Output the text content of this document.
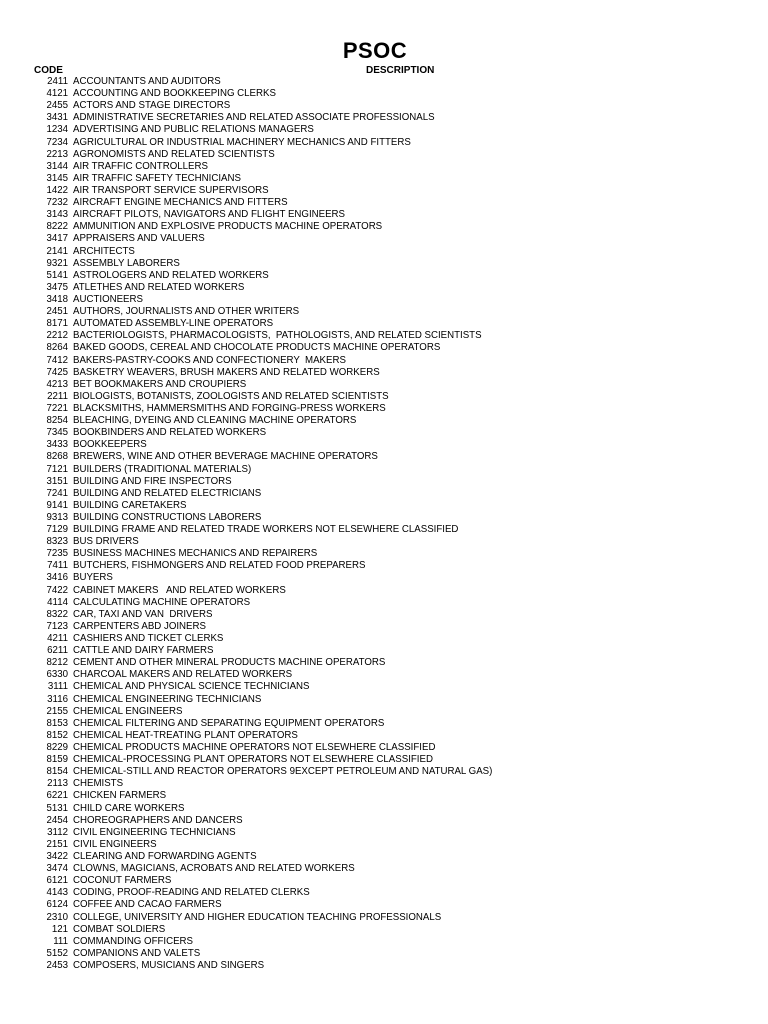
PSOC
CODE	DESCRIPTION
2411 ACCOUNTANTS AND AUDITORS
4121 ACCOUNTING AND BOOKKEEPING CLERKS
2455 ACTORS AND STAGE DIRECTORS
3431 ADMINISTRATIVE SECRETARIES AND RELATED ASSOCIATE PROFESSIONALS
1234 ADVERTISING AND PUBLIC RELATIONS MANAGERS
7234 AGRICULTURAL OR INDUSTRIAL MACHINERY MECHANICS AND FITTERS
2213 AGRONOMISTS AND RELATED SCIENTISTS
3144 AIR TRAFFIC CONTROLLERS
3145 AIR TRAFFIC SAFETY TECHNICIANS
1422 AIR TRANSPORT SERVICE SUPERVISORS
7232 AIRCRAFT ENGINE MECHANICS AND FITTERS
3143 AIRCRAFT PILOTS, NAVIGATORS AND FLIGHT ENGINEERS
8222 AMMUNITION AND EXPLOSIVE PRODUCTS MACHINE OPERATORS
3417 APPRAISERS AND VALUERS
2141 ARCHITECTS
9321 ASSEMBLY LABORERS
5141 ASTROLOGERS AND RELATED WORKERS
3475 ATLETHES AND RELATED WORKERS
3418 AUCTIONEERS
2451 AUTHORS, JOURNALISTS AND OTHER WRITERS
8171 AUTOMATED ASSEMBLY-LINE OPERATORS
2212 BACTERIOLOGISTS, PHARMACOLOGISTS,  PATHOLOGISTS, AND RELATED SCIENTISTS
8264 BAKED GOODS, CEREAL AND CHOCOLATE PRODUCTS MACHINE OPERATORS
7412 BAKERS-PASTRY-COOKS AND CONFECTIONERY  MAKERS
7425 BASKETRY WEAVERS, BRUSH MAKERS AND RELATED WORKERS
4213 BET BOOKMAKERS AND CROUPIERS
2211 BIOLOGISTS, BOTANISTS, ZOOLOGISTS AND RELATED SCIENTISTS
7221 BLACKSMITHS, HAMMERSMITHS AND FORGING-PRESS WORKERS
8254 BLEACHING, DYEING AND CLEANING MACHINE OPERATORS
7345 BOOKBINDERS AND RELATED WORKERS
3433 BOOKKEEPERS
8268 BREWERS, WINE AND OTHER BEVERAGE MACHINE OPERATORS
7121 BUILDERS (TRADITIONAL MATERIALS)
3151 BUILDING AND FIRE INSPECTORS
7241 BUILDING AND RELATED ELECTRICIANS
9141 BUILDING CARETAKERS
9313 BUILDING CONSTRUCTIONS LABORERS
7129 BUILDING FRAME AND RELATED TRADE WORKERS NOT ELSEWHERE CLASSIFIED
8323 BUS DRIVERS
7235 BUSINESS MACHINES MECHANICS AND REPAIRERS
7411 BUTCHERS, FISHMONGERS AND RELATED FOOD PREPARERS
3416 BUYERS
7422 CABINET MAKERS   AND RELATED WORKERS
4114 CALCULATING MACHINE OPERATORS
8322 CAR, TAXI AND VAN  DRIVERS
7123 CARPENTERS ABD JOINERS
4211 CASHIERS AND TICKET CLERKS
6211 CATTLE AND DAIRY FARMERS
8212 CEMENT AND OTHER MINERAL PRODUCTS MACHINE OPERATORS
6330 CHARCOAL MAKERS AND RELATED WORKERS
3111 CHEMICAL AND PHYSICAL SCIENCE TECHNICIANS
3116 CHEMICAL ENGINEERING TECHNICIANS
2155 CHEMICAL ENGINEERS
8153 CHEMICAL FILTERING AND SEPARATING EQUIPMENT OPERATORS
8152 CHEMICAL HEAT-TREATING PLANT OPERATORS
8229 CHEMICAL PRODUCTS MACHINE OPERATORS NOT ELSEWHERE CLASSIFIED
8159 CHEMICAL-PROCESSING PLANT OPERATORS NOT ELSEWHERE CLASSIFIED
8154 CHEMICAL-STILL AND REACTOR OPERATORS 9EXCEPT PETROLEUM AND NATURAL GAS)
2113 CHEMISTS
6221 CHICKEN FARMERS
5131 CHILD CARE WORKERS
2454 CHOREOGRAPHERS AND DANCERS
3112 CIVIL ENGINEERING TECHNICIANS
2151 CIVIL ENGINEERS
3422 CLEARING AND FORWARDING AGENTS
3474 CLOWNS, MAGICIANS, ACROBATS AND RELATED WORKERS
6121 COCONUT FARMERS
4143 CODING, PROOF-READING AND RELATED CLERKS
6124 COFFEE AND CACAO FARMERS
2310 COLLEGE, UNIVERSITY AND HIGHER EDUCATION TEACHING PROFESSIONALS
121 COMBAT SOLDIERS
111 COMMANDING OFFICERS
5152 COMPANIONS AND VALETS
2453 COMPOSERS, MUSICIANS AND SINGERS
